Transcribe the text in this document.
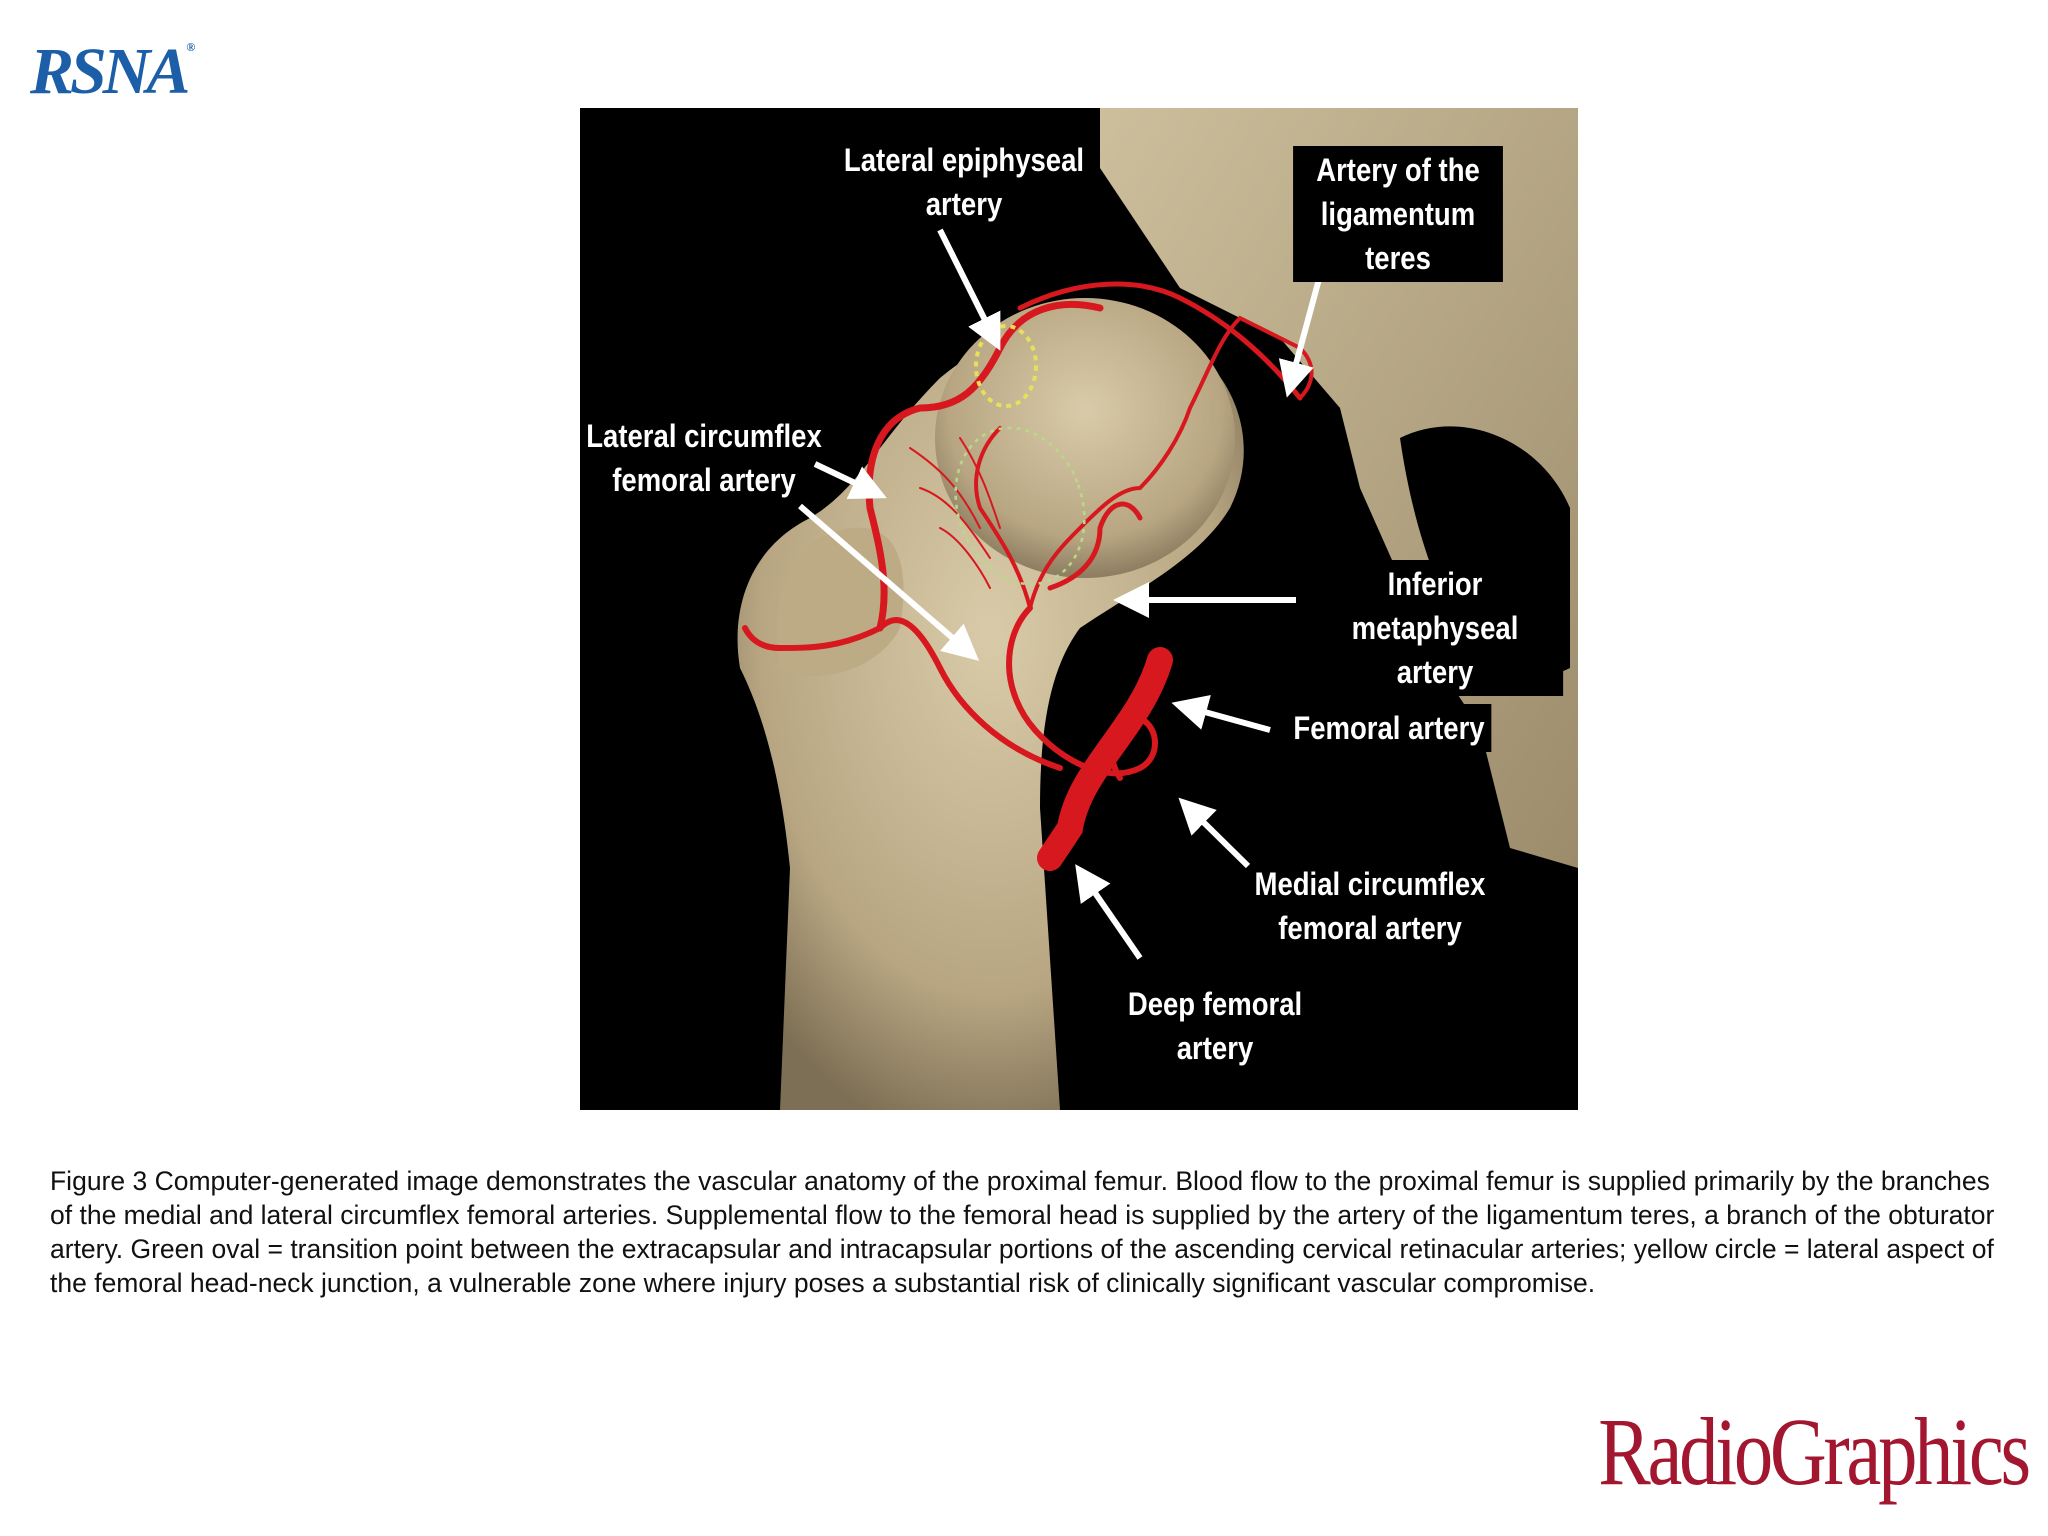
RSNA®
Lateral epiphyseal
artery
Artery of the
ligamentum teres
Lateral circumflex
femoral artery
Inferior metaphyseal
artery
Femoral artery
Medial circumflex
femoral artery
Deep femoral
artery
Figure 3 Computer-generated image demonstrates the vascular anatomy of the proximal femur. Blood flow to the proximal femur is supplied primarily by the branches of the medial and lateral circumflex femoral arteries. Supplemental flow to the femoral head is supplied by the artery of the ligamentum teres, a branch of the obturator artery. Green oval = transition point between the extracapsular and intracapsular portions of the ascending cervical retinacular arteries; yellow circle = lateral aspect of the femoral head-neck junction, a vulnerable zone where injury poses a substantial risk of clinically significant vascular compromise.
RadioGraphics
